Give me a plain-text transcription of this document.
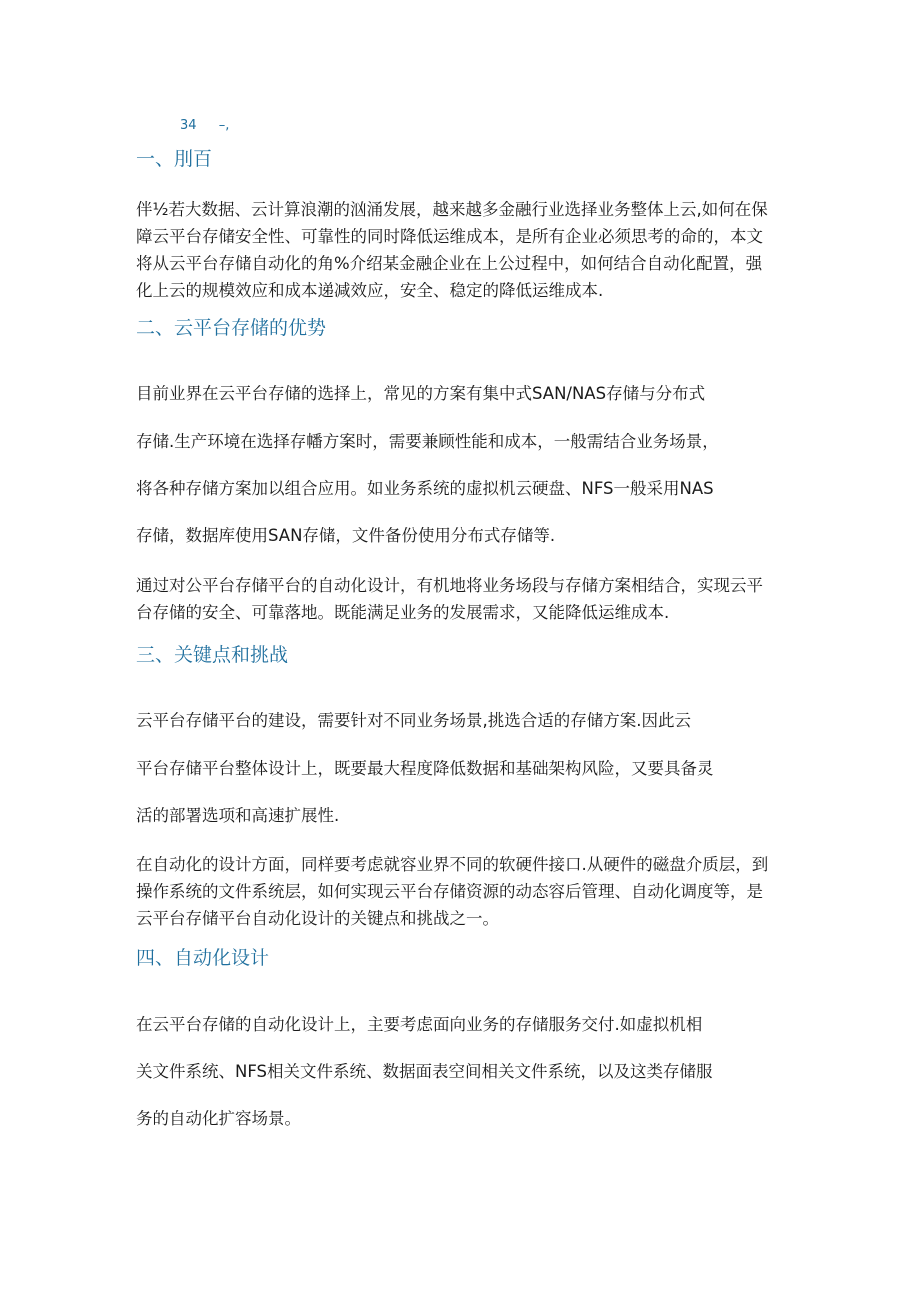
34 –,
一、刖百
伴½若大数据、云计算浪潮的汹涌发展，越来越多金融行业选择业务整体上云,如何在保
障云平台存储安全性、可靠性的同时降低运维成本，是所有企业必须思考的命的，本文
将从云平台存储自动化的角%介绍某金融企业在上公过程中，如何结合自动化配置，强
化上云的规模效应和成本递减效应，安全、稳定的降低运维成本.
二、云平台存储的优势
目前业界在云平台存储的选择上，常见的方案有集中式SAN/NAS存储与分布式
存储.生产环境在选择存幡方案时，需要兼顾性能和成本，一般需结合业务场景，
将各种存储方案加以组合应用。如业务系统的虚拟机云硬盘、NFS一般采用NAS
存储，数据库使用SAN存储，文件备份使用分布式存储等.
通过对公平台存储平台的自动化设计，有机地将业务场段与存储方案相结合，实现云平
台存储的安全、可靠落地。既能满足业务的发展需求，又能降低运维成本.
三、关键点和挑战
云平台存储平台的建设，需要针对不同业务场景,挑选合适的存储方案.因此云
平台存储平台整体设计上，既要最大程度降低数据和基础架构风险，又要具备灵
活的部署选项和高速扩展性.
在自动化的设计方面，同样要考虑就容业界不同的软硬件接口.从硬件的磁盘介质层，到
操作系统的文件系统层，如何实现云平台存储资源的动态容后管理、自动化调度等，是
云平台存储平台自动化设计的关键点和挑战之一。
四、自动化设计
在云平台存储的自动化设计上，主要考虑面向业务的存储服务交付.如虚拟机相
关文件系统、NFS相关文件系统、数据面表空间相关文件系统，以及这类存储服
务的自动化扩容场景。
